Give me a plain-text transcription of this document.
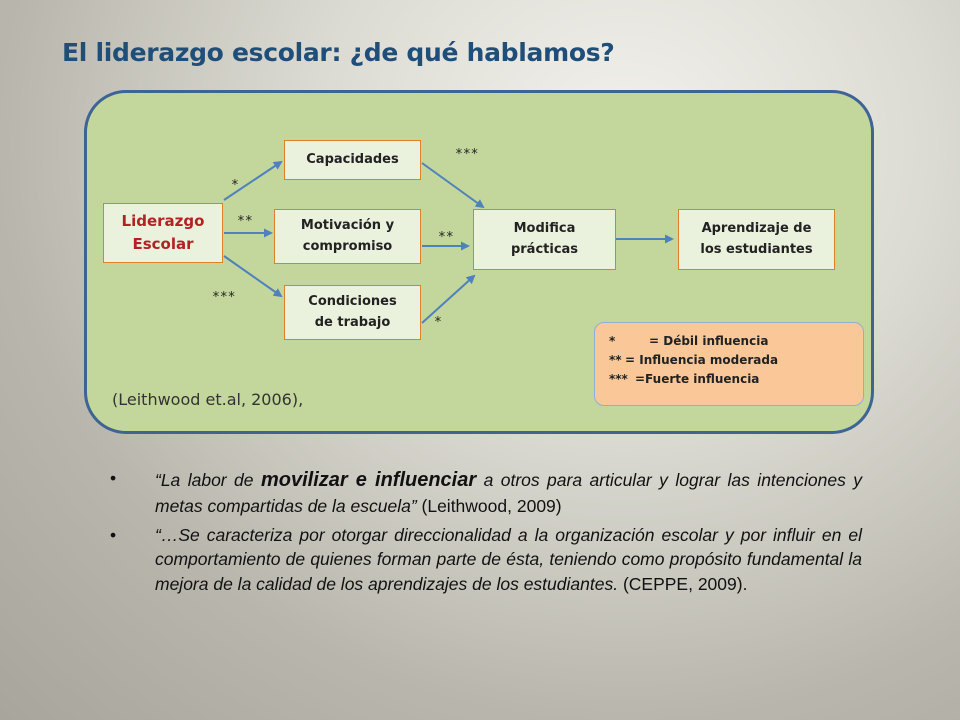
El liderazgo escolar: ¿de qué hablamos?
Liderazgo Escolar
Capacidades
Motivación y compromiso
Condiciones de trabajo
Modifica prácticas
Aprendizaje de los estudiantes
*
**
***
***
**
*
*	= Débil influencia
** = Influencia moderada
*** =Fuerte influencia
(Leithwood et.al, 2006),
• “La labor de movilizar e influenciar a otros para articular y lograr las intenciones y metas compartidas de la escuela” (Leithwood, 2009)
• “…Se caracteriza por otorgar direccionalidad a la organización escolar y por influir en el comportamiento de quienes forman parte de ésta, teniendo como propósito fundamental la mejora de la calidad de los aprendizajes de los estudiantes. (CEPPE, 2009).
